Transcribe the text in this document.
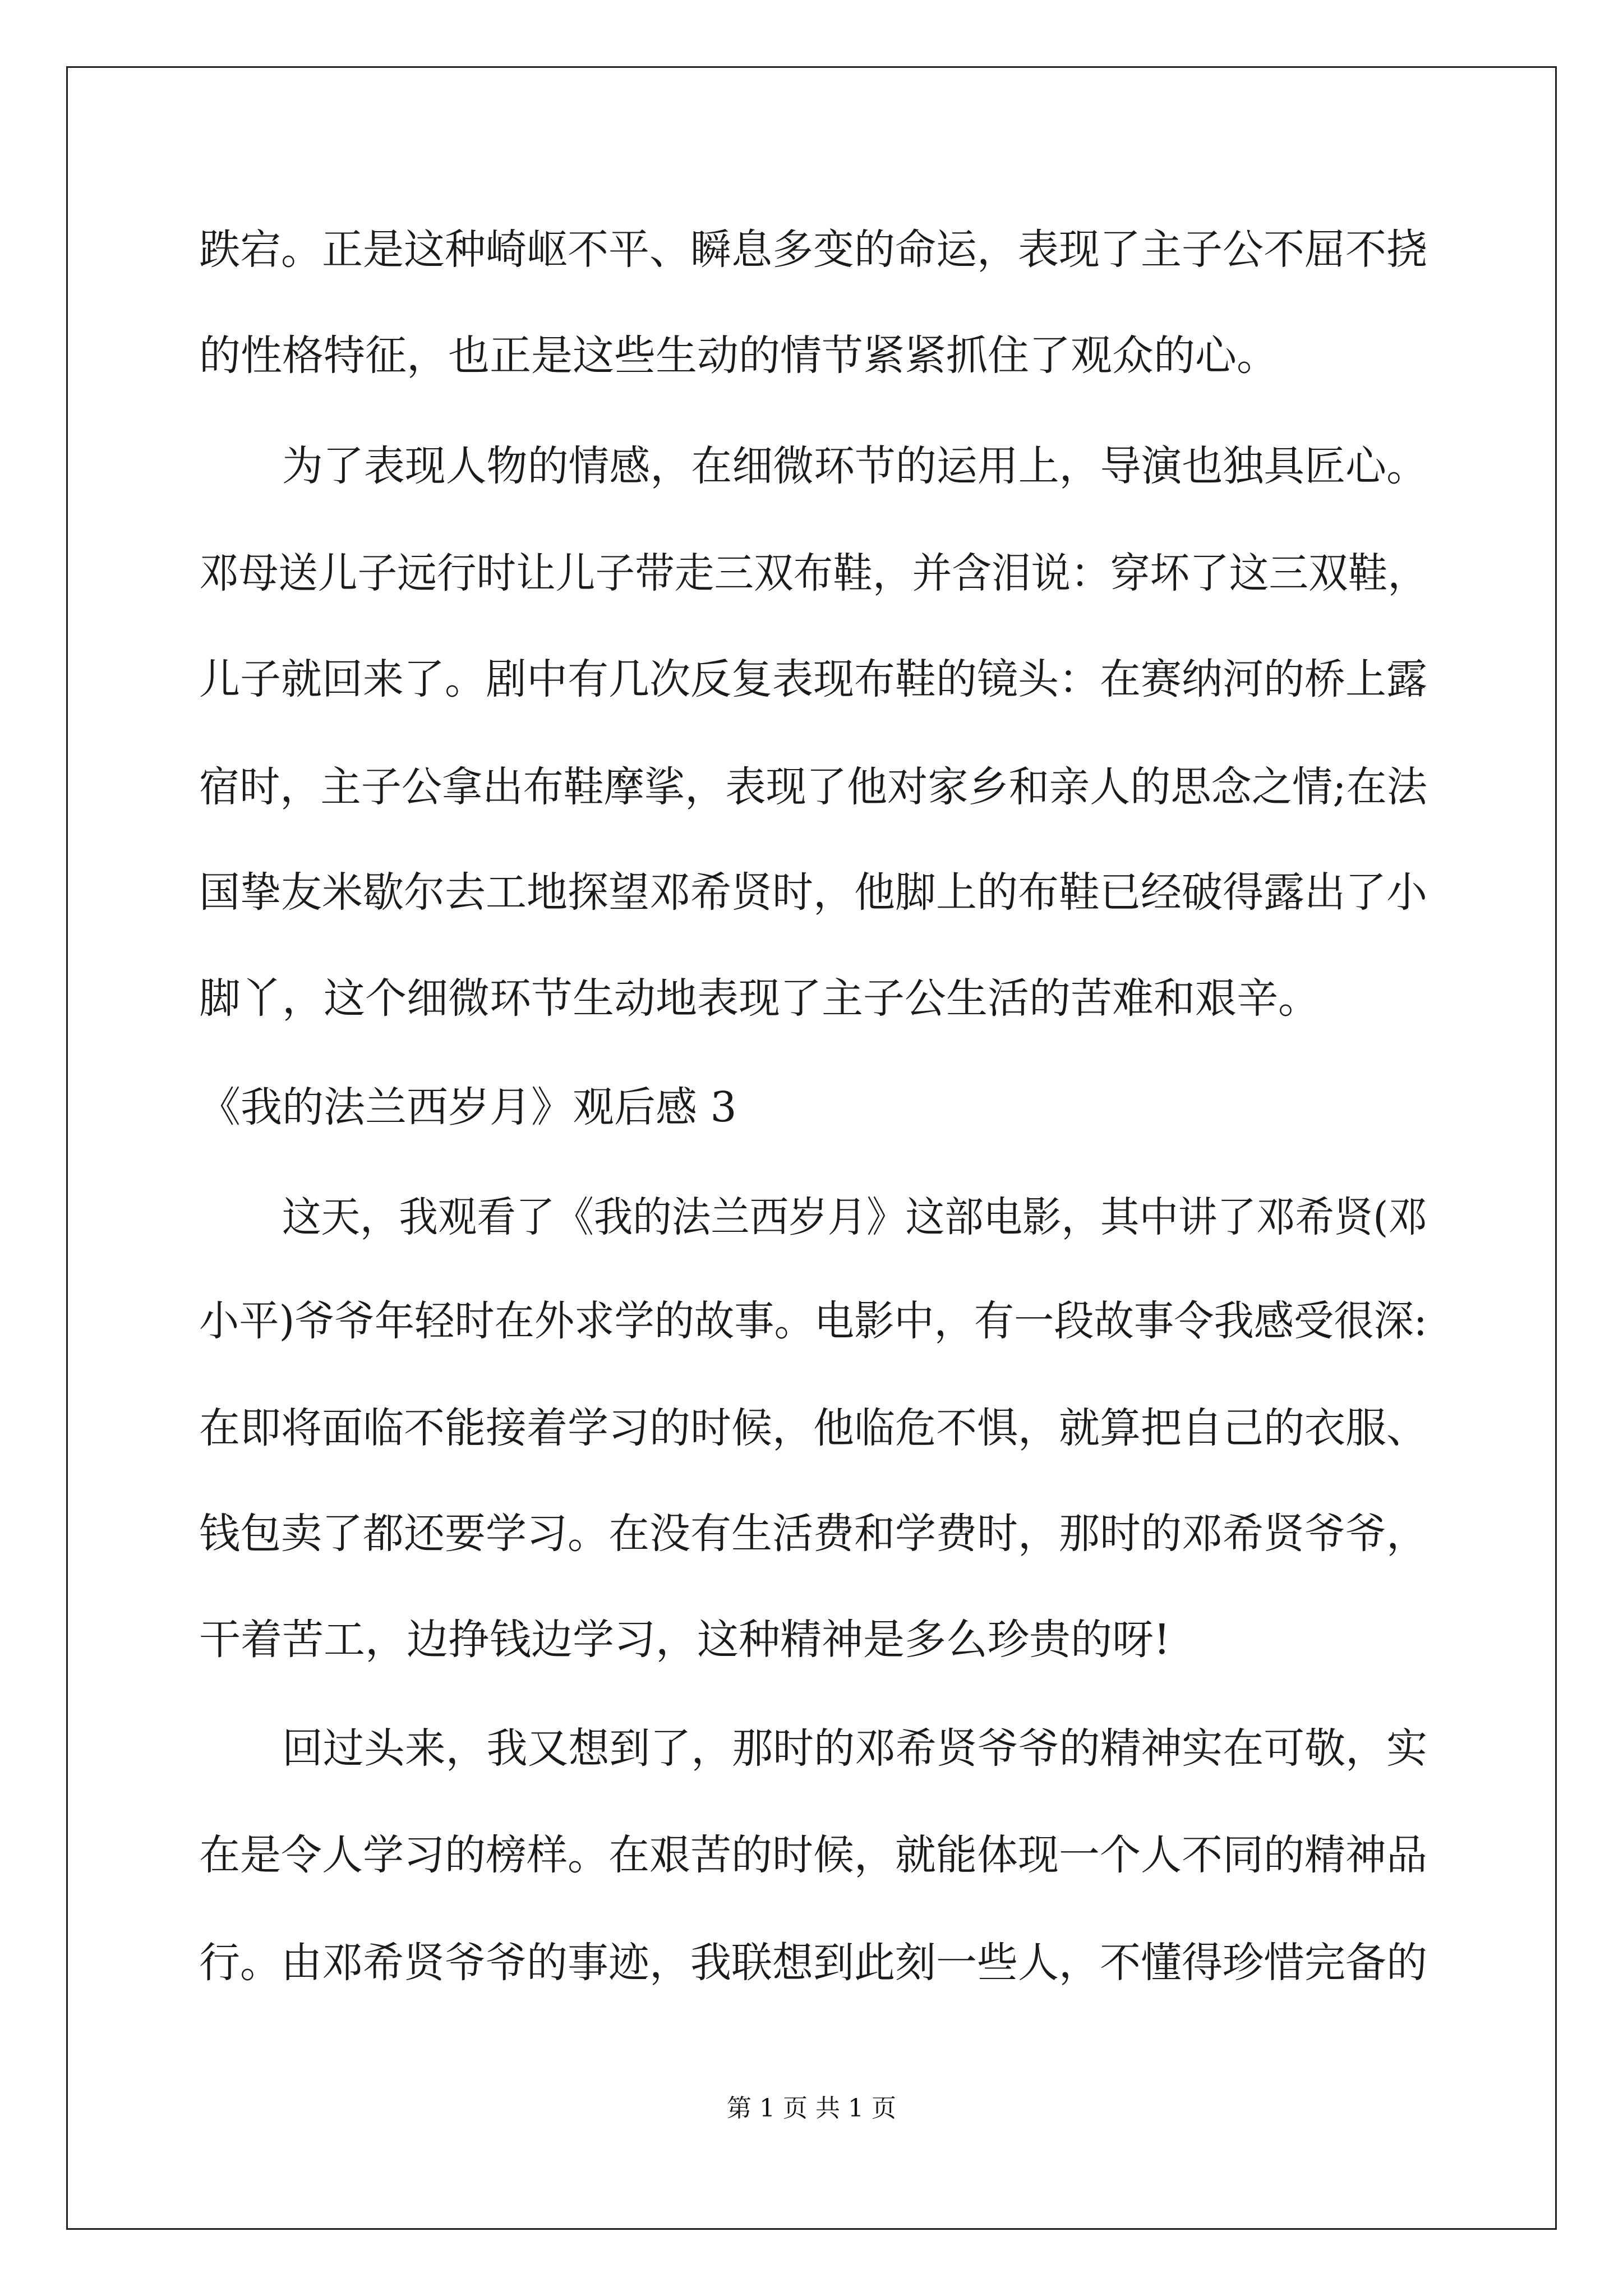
跌宕。正是这种崎岖不平、瞬息多变的命运，表现了主子公不屈不挠
的性格特征，也正是这些生动的情节紧紧抓住了观众的心。
为了表现人物的情感，在细微环节的运用上，导演也独具匠心。
邓母送儿子远行时让儿子带走三双布鞋，并含泪说：穿坏了这三双鞋，
儿子就回来了。剧中有几次反复表现布鞋的镜头：在赛纳河的桥上露
宿时，主子公拿出布鞋摩挲，表现了他对家乡和亲人的思念之情;在法
国挚友米歇尔去工地探望邓希贤时，他脚上的布鞋已经破得露出了小
脚丫，这个细微环节生动地表现了主子公生活的苦难和艰辛。
《我的法兰西岁月》观后感 3
这天，我观看了《我的法兰西岁月》这部电影，其中讲了邓希贤(邓
小平)爷爷年轻时在外求学的故事。电影中，有一段故事令我感受很深:
在即将面临不能接着学习的时候，他临危不惧，就算把自己的衣服、
钱包卖了都还要学习。在没有生活费和学费时，那时的邓希贤爷爷，
干着苦工，边挣钱边学习，这种精神是多么珍贵的呀!
回过头来，我又想到了，那时的邓希贤爷爷的精神实在可敬，实
在是令人学习的榜样。在艰苦的时候，就能体现一个人不同的精神品
行。由邓希贤爷爷的事迹，我联想到此刻一些人，不懂得珍惜完备的
第 1 页 共 1 页
